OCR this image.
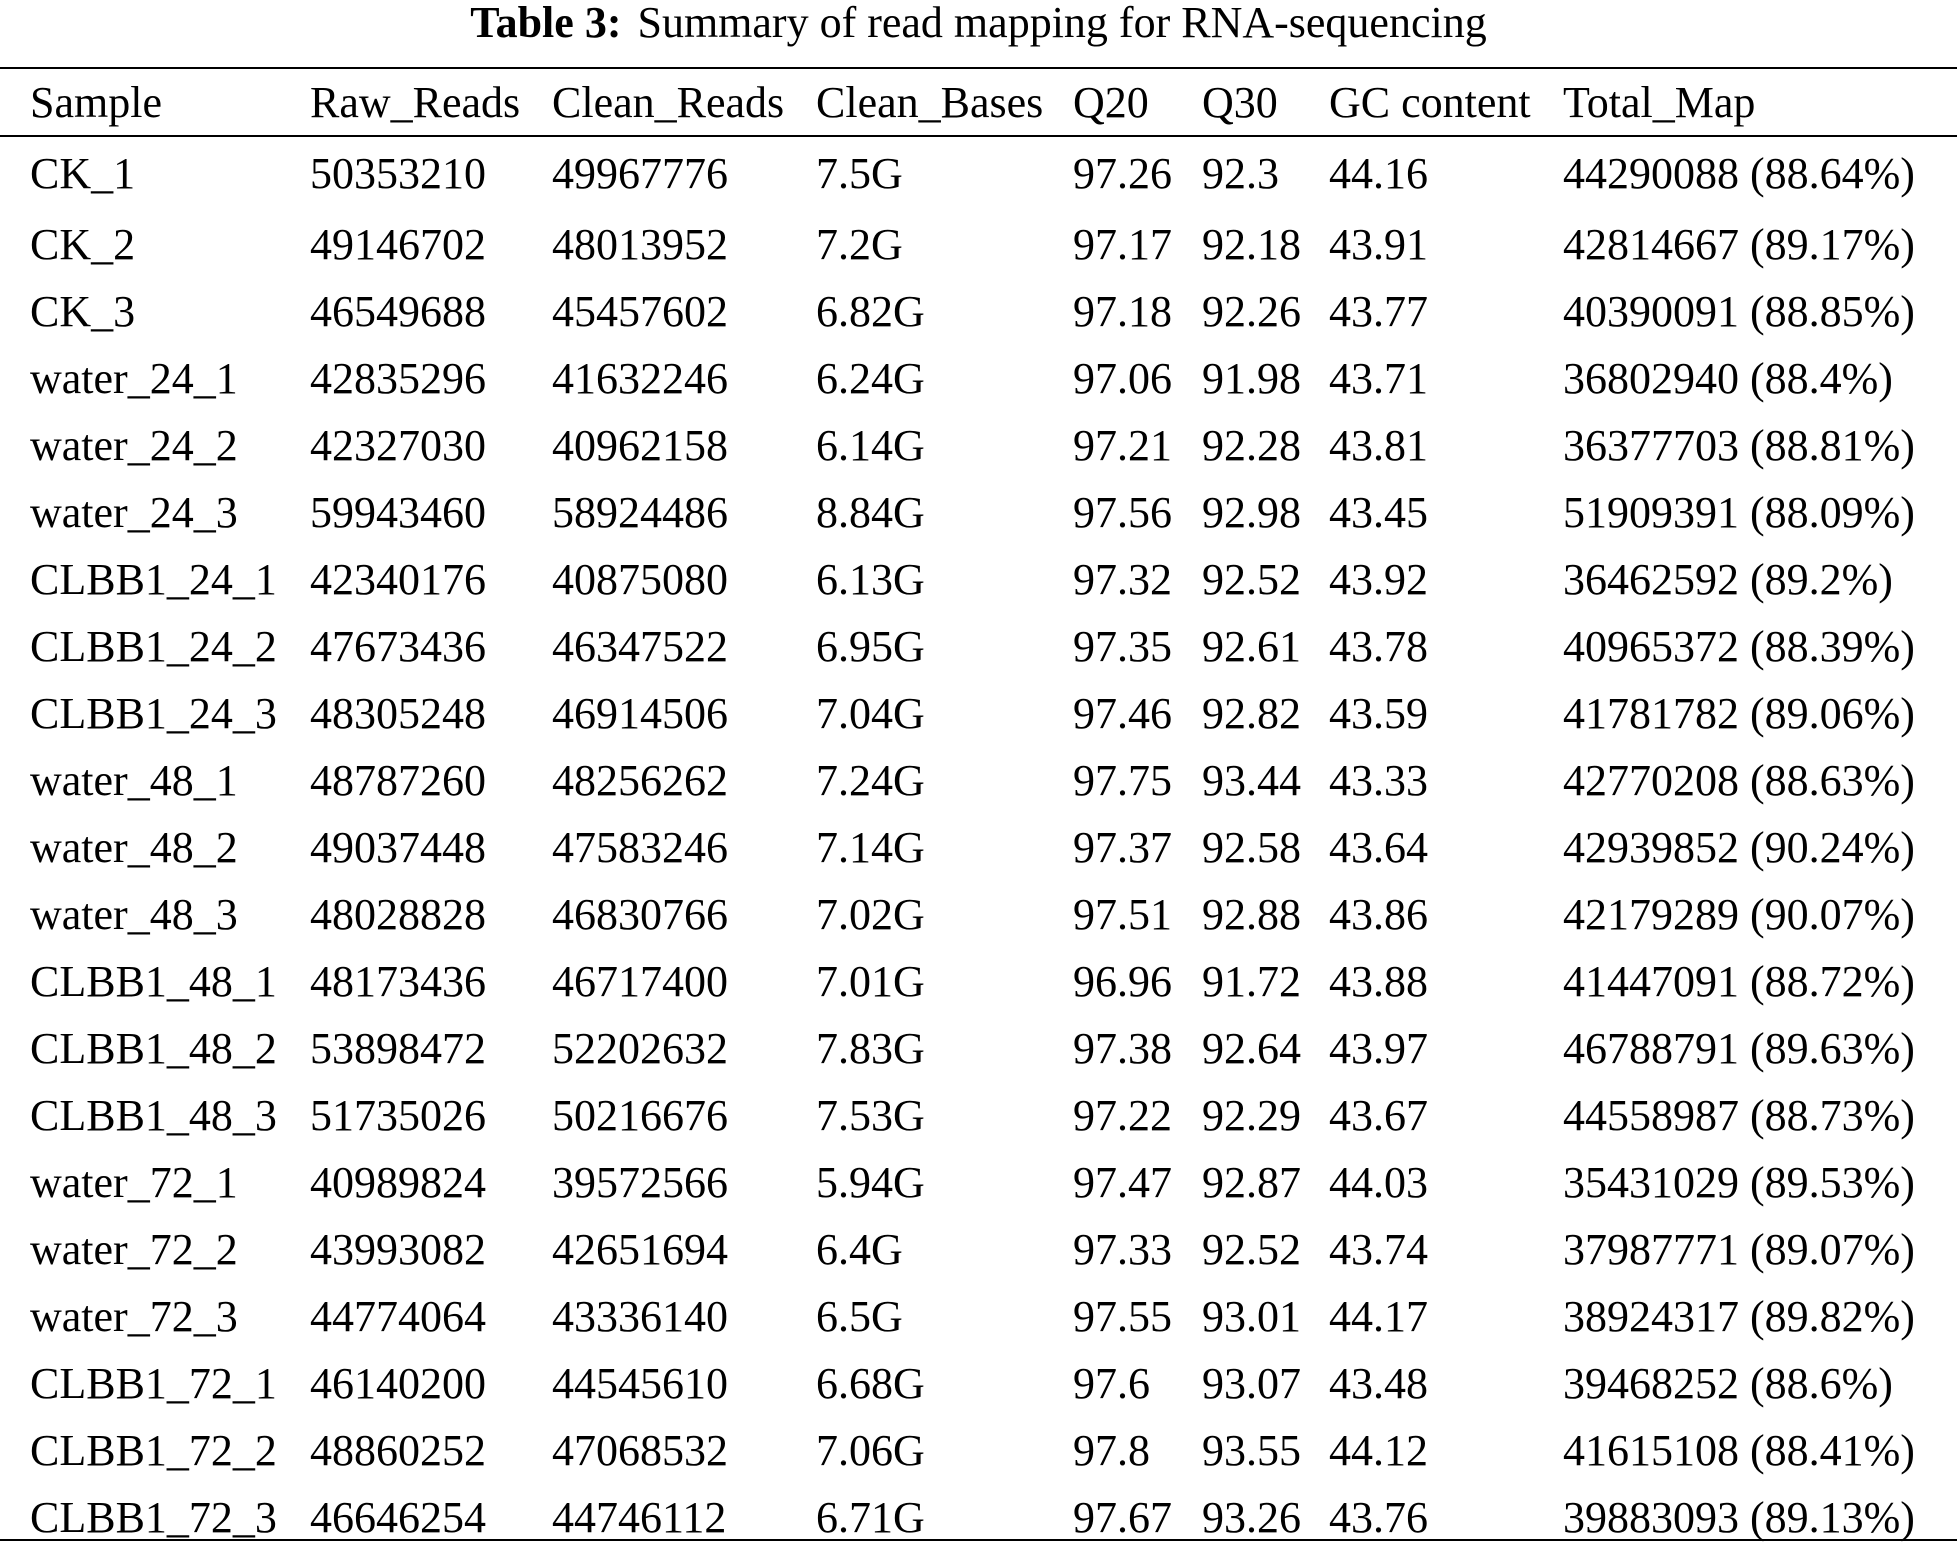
Table 3: Summary of read mapping for RNA-sequencing
Sample	Raw_Reads	Clean_Reads	Clean_Bases	Q20	Q30	GC content	Total_Map
CK_1	50353210	49967776	7.5G	97.26	92.3	44.16	44290088 (88.64%)
CK_2	49146702	48013952	7.2G	97.17	92.18	43.91	42814667 (89.17%)
CK_3	46549688	45457602	6.82G	97.18	92.26	43.77	40390091 (88.85%)
water_24_1	42835296	41632246	6.24G	97.06	91.98	43.71	36802940 (88.4%)
water_24_2	42327030	40962158	6.14G	97.21	92.28	43.81	36377703 (88.81%)
water_24_3	59943460	58924486	8.84G	97.56	92.98	43.45	51909391 (88.09%)
CLBB1_24_1	42340176	40875080	6.13G	97.32	92.52	43.92	36462592 (89.2%)
CLBB1_24_2	47673436	46347522	6.95G	97.35	92.61	43.78	40965372 (88.39%)
CLBB1_24_3	48305248	46914506	7.04G	97.46	92.82	43.59	41781782 (89.06%)
water_48_1	48787260	48256262	7.24G	97.75	93.44	43.33	42770208 (88.63%)
water_48_2	49037448	47583246	7.14G	97.37	92.58	43.64	42939852 (90.24%)
water_48_3	48028828	46830766	7.02G	97.51	92.88	43.86	42179289 (90.07%)
CLBB1_48_1	48173436	46717400	7.01G	96.96	91.72	43.88	41447091 (88.72%)
CLBB1_48_2	53898472	52202632	7.83G	97.38	92.64	43.97	46788791 (89.63%)
CLBB1_48_3	51735026	50216676	7.53G	97.22	92.29	43.67	44558987 (88.73%)
water_72_1	40989824	39572566	5.94G	97.47	92.87	44.03	35431029 (89.53%)
water_72_2	43993082	42651694	6.4G	97.33	92.52	43.74	37987771 (89.07%)
water_72_3	44774064	43336140	6.5G	97.55	93.01	44.17	38924317 (89.82%)
CLBB1_72_1	46140200	44545610	6.68G	97.6	93.07	43.48	39468252 (88.6%)
CLBB1_72_2	48860252	47068532	7.06G	97.8	93.55	44.12	41615108 (88.41%)
CLBB1_72_3	46646254	44746112	6.71G	97.67	93.26	43.76	39883093 (89.13%)
